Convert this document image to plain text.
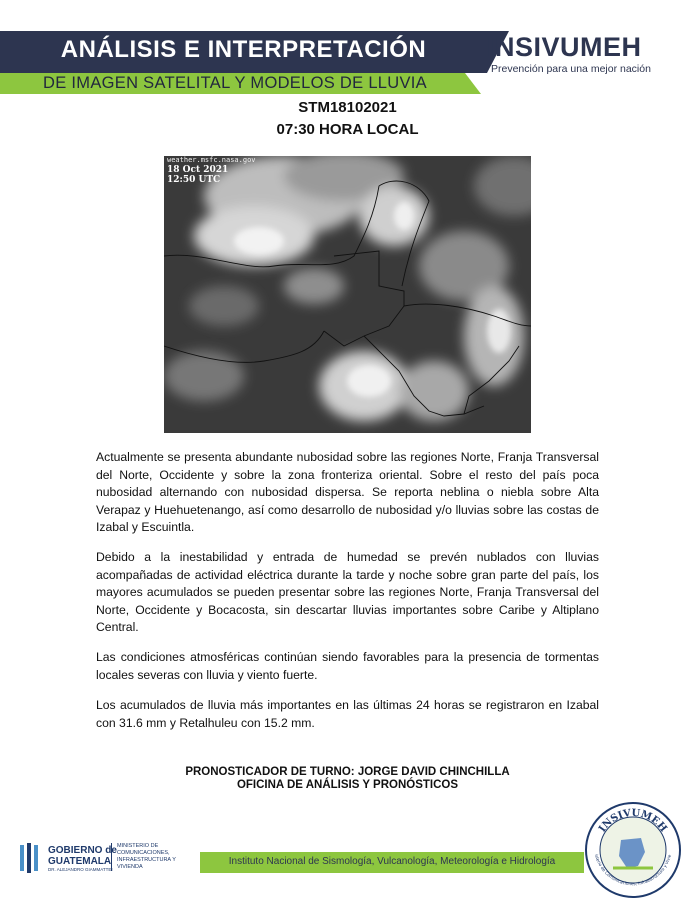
ANÁLISIS E INTERPRETACIÓN
DE IMAGEN SATELITAL Y MODELOS DE LLUVIA
INSIVUMEH
Prevención para una mejor nación
STM18102021
07:30 HORA LOCAL
weather.msfc.nasa.gov
18 Oct 2021
12:50 UTC
Actualmente se presenta abundante nubosidad sobre las regiones Norte, Franja Transversal del Norte, Occidente y sobre la zona fronteriza oriental. Sobre el resto del país poca nubosidad alternando con nubosidad dispersa. Se reporta neblina o niebla sobre Alta Verapaz y Huehuetenango, así como desarrollo de nubosidad y/o lluvias sobre las costas de Izabal y Escuintla.
Debido a la inestabilidad y entrada de humedad se prevén nublados con lluvias acompañadas de actividad eléctrica durante la tarde y noche sobre gran parte del país, los mayores acumulados se pueden presentar sobre las regiones Norte, Franja Transversal del Norte, Occidente y Bocacosta, sin descartar lluvias importantes sobre Caribe y Altiplano Central.
Las condiciones atmosféricas continúan siendo favorables para la presencia de tormentas locales severas con lluvia y viento fuerte.
Los acumulados de lluvia más importantes en las últimas 24 horas se registraron en Izabal con 31.6 mm y Retalhuleu con 15.2 mm.
PRONOSTICADOR DE TURNO: JORGE DAVID CHINCHILLA
OFICINA DE ANÁLISIS Y PRONÓSTICOS
GOBIERNO de
GUATEMALA
DR. ALEJANDRO GIAMMATTEI
MINISTERIO DE COMUNICACIONES, INFRAESTRUCTURA Y VIVIENDA	Instituto Nacional de Sismología, Vulcanología, Meteorología e Hidrología
INSIVUMEH
isterio de Comunicaciones, Infraestructura y Vivie
